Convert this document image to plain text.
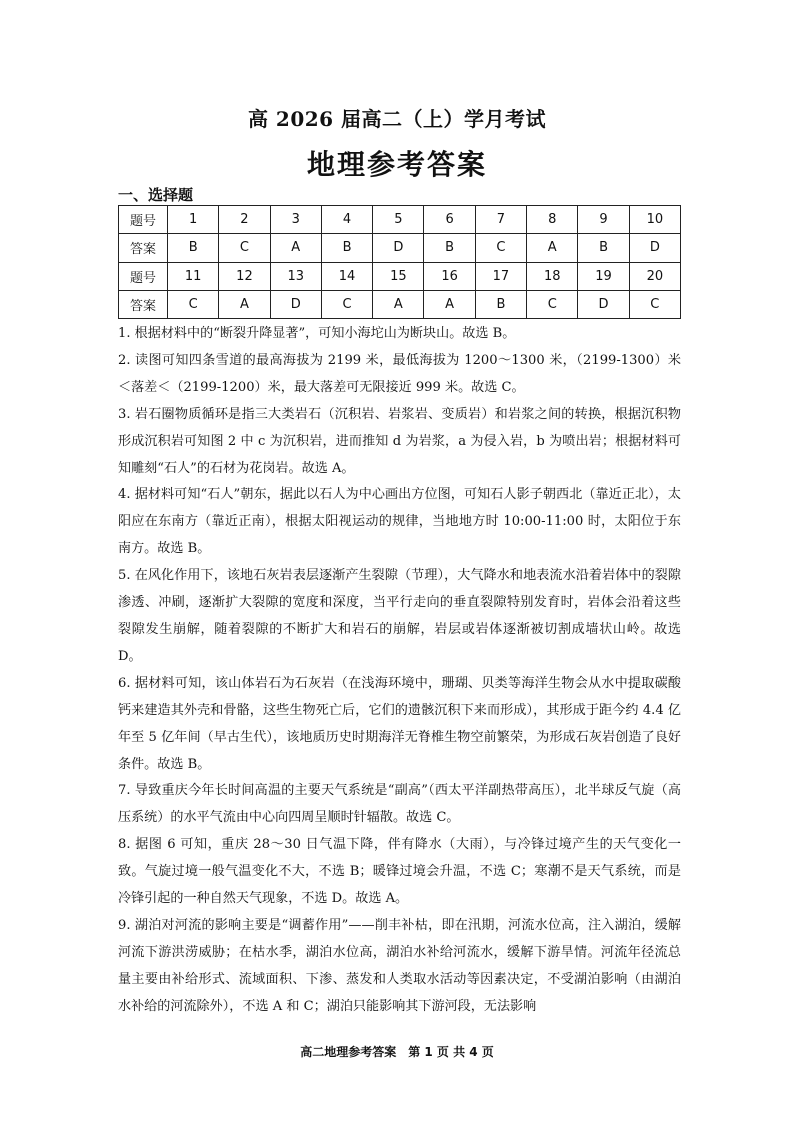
高 2026 届高二（上）学月考试
地理参考答案
一、选择题
题号	1	2	3	4	5	6	7	8	9	10
答案	B	C	A	B	D	B	C	A	B	D
题号	11	12	13	14	15	16	17	18	19	20
答案	C	A	D	C	A	A	B	C	D	C

1. 根据材料中的“断裂升降显著”，可知小海坨山为断块山。故选 B。

2. 读图可知四条雪道的最高海拔为 2199 米，最低海拔为 1200～1300 米，（2199-1300）米＜落差＜（2199-1200）米，最大落差可无限接近 999 米。故选 C。

3. 岩石圈物质循环是指三大类岩石（沉积岩、岩浆岩、变质岩）和岩浆之间的转换，根据沉积物形成沉积岩可知图 2 中 c 为沉积岩，进而推知 d 为岩浆，a 为侵入岩，b 为喷出岩；根据材料可知雕刻“石人”的石材为花岗岩。故选 A。

4. 据材料可知“石人”朝东，据此以石人为中心画出方位图，可知石人影子朝西北（靠近正北），太阳应在东南方（靠近正南），根据太阳视运动的规律，当地地方时 10:00-11:00 时，太阳位于东南方。故选 B。

5. 在风化作用下，该地石灰岩表层逐渐产生裂隙（节理），大气降水和地表流水沿着岩体中的裂隙渗透、冲刷，逐渐扩大裂隙的宽度和深度，当平行走向的垂直裂隙特别发育时，岩体会沿着这些裂隙发生崩解，随着裂隙的不断扩大和岩石的崩解，岩层或岩体逐渐被切割成墙状山岭。故选 D。

6. 据材料可知，该山体岩石为石灰岩（在浅海环境中，珊瑚、贝类等海洋生物会从水中提取碳酸钙来建造其外壳和骨骼，这些生物死亡后，它们的遗骸沉积下来而形成），其形成于距今约 4.4 亿年至 5 亿年间（早古生代），该地质历史时期海洋无脊椎生物空前繁荣，为形成石灰岩创造了良好条件。故选 B。

7. 导致重庆今年长时间高温的主要天气系统是“副高”（西太平洋副热带高压），北半球反气旋（高压系统）的水平气流由中心向四周呈顺时针辐散。故选 C。

8. 据图 6 可知，重庆 28～30 日气温下降，伴有降水（大雨），与冷锋过境产生的天气变化一致。气旋过境一般气温变化不大，不选 B；暖锋过境会升温，不选 C；寒潮不是天气系统，而是冷锋引起的一种自然天气现象，不选 D。故选 A。

9. 湖泊对河流的影响主要是“调蓄作用”——削丰补枯，即在汛期，河流水位高，注入湖泊，缓解河流下游洪涝威胁；在枯水季，湖泊水位高，湖泊水补给河流水，缓解下游旱情。河流年径流总量主要由补给形式、流域面积、下渗、蒸发和人类取水活动等因素决定，不受湖泊影响（由湖泊水补给的河流除外），不选 A 和 C；湖泊只能影响其下游河段，无法影响

高二地理参考答案　第 1 页 共 4 页
